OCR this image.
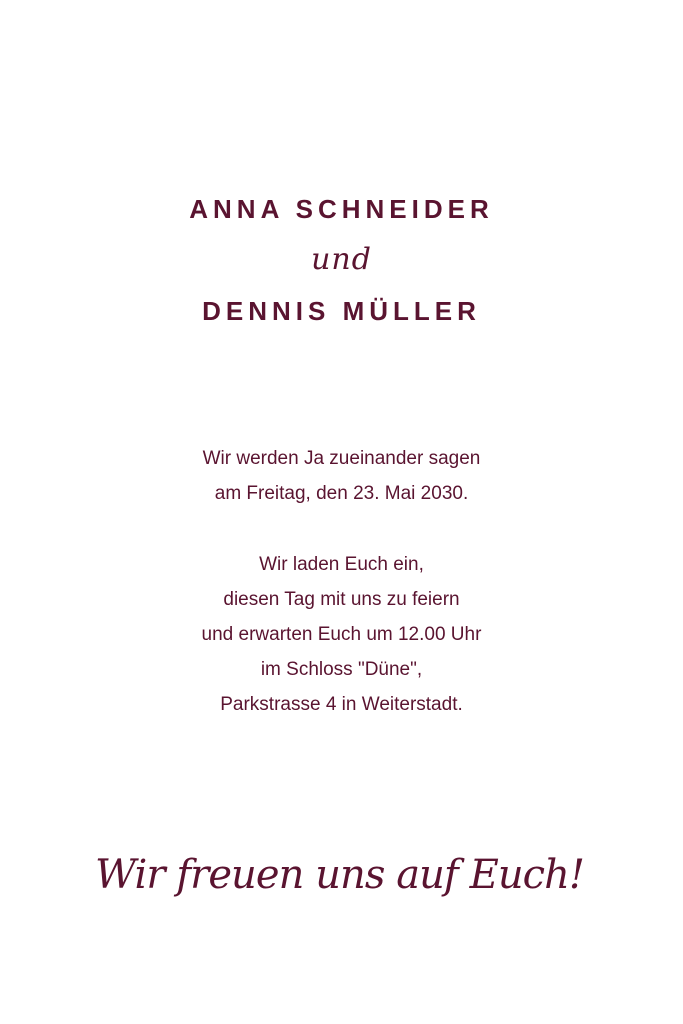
ANNA SCHNEIDER
und
DENNIS MÜLLER
Wir werden Ja zueinander sagen
am Freitag, den 23. Mai 2030.
Wir laden Euch ein,
diesen Tag mit uns zu feiern
und erwarten Euch um 12.00 Uhr
im Schloss "Düne",
Parkstrasse 4 in Weiterstadt.
Wir freuen uns auf Euch!
